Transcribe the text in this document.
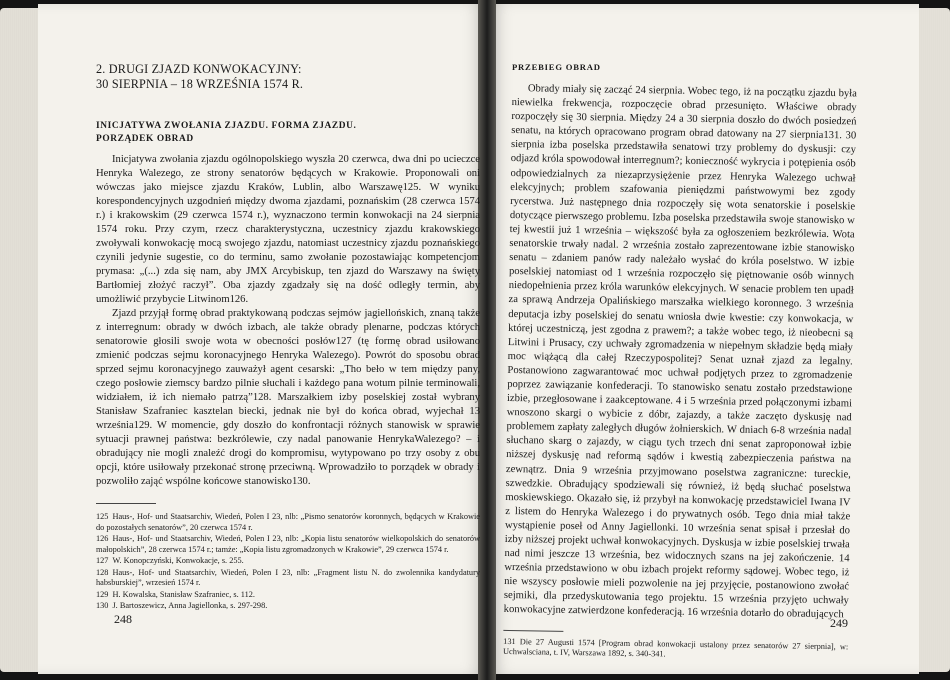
2. DRUGI ZJAZD KONWOKACYJNY:
30 SIERPNIA – 18 WRZEŚNIA 1574 R.
INICJATYWA ZWOŁANIA ZJAZDU. FORMA ZJAZDU. PORZĄDEK OBRAD

Inicjatywa zwołania zjazdu ogólnopolskiego wyszła 20 czerwca, dwa dni po ucieczce Henryka Walezego, ze strony senatorów będących w Krakowie. Proponowali oni wówczas jako miejsce zjazdu Kraków, Lublin, albo Warszawę125. W wyniku korespondencyjnych uzgodnień między dwoma zjazdami, poznańskim (28 czerwca 1574 r.) i krakowskim (29 czerwca 1574 r.), wyznaczono termin konwokacji na 24 sierpnia 1574 roku. Przy czym, rzecz charakterystyczna, uczestnicy zjazdu krakowskiego zwoływali konwokację mocą swojego zjazdu, natomiast uczestnicy zjazdu poznańskiego czynili jedynie sugestie, co do terminu, samo zwołanie pozostawiając kompetencjom prymasa: „(...) zda się nam, aby JMX Arcybiskup, ten zjazd do Warszawy na święty Bartłomiej złożyć raczył”. Oba zjazdy zgadzały się na dość odległy termin, aby umożliwić przybycie Litwinom126.

Zjazd przyjął formę obrad praktykowaną podczas sejmów jagiellońskich, znaną także z interregnum: obrady w dwóch izbach, ale także obrady plenarne, podczas których senatorowie głosili swoje wota w obecności posłów127 (tę formę obrad usiłowano zmienić podczas sejmu koronacyjnego Henryka Walezego). Powrót do sposobu obrad sprzed sejmu koronacyjnego zauważył agent cesarski: „Tho beło w tem między pany, czego posłowie ziemscy bardzo pilnie słuchali i każdego pana wotum pilnie terminowali, widziałem, iż ich niemało patrzą”128. Marszałkiem izby poselskiej został wybrany Stanisław Szafraniec kasztelan biecki, jednak nie był do końca obrad, wyjechał 13 września129. W momencie, gdy doszło do konfrontacji różnych stanowisk w sprawie sytuacji prawnej państwa: bezkrólewie, czy nadal panowanie HenrykaWalezego? – i obradujący nie mogli znaleźć drogi do kompromisu, wytypowano po trzy osoby z obu opcji, które usiłowały przekonać stronę przeciwną. Wprowadziło to porządek w obrady i pozwoliło zająć wspólne końcowe stanowisko130.

125 Haus-, Hof- und Staatsarchiv, Wiedeń, Polen I 23, nlb: „Pismo senatorów koronnych, będących w Krakowie do pozostałych senatorów”, 20 czerwca 1574 r.
126 Haus-, Hof- und Staatsarchiv, Wiedeń, Polen I 23, nlb: „Kopia listu senatorów wielkopolskich do senatorów małopolskich”, 28 czerwca 1574 r.; tamże: „Kopia listu zgromadzonych w Krakowie”, 29 czerwca 1574 r.
127 W. Konopczyński, Konwokacje, s. 255.
128 Haus-, Hof- und Staatsarchiv, Wiedeń, Polen I 23, nlb: „Fragment listu N. do zwolennika kandydatury habsburskiej”, wrzesień 1574 r.
129 H. Kowalska, Stanisław Szafraniec, s. 112.
130 J. Bartoszewicz, Anna Jagiellonka, s. 297-298.
248
PRZEBIEG OBRAD

Obrady miały się zacząć 24 sierpnia. Wobec tego, iż na początku zjazdu była niewielka frekwencja, rozpoczęcie obrad przesunięto. Właściwe obrady rozpoczęły się 30 sierpnia. Między 24 a 30 sierpnia doszło do dwóch posiedzeń senatu, na których opracowano program obrad datowany na 27 sierpnia131. 30 sierpnia izba poselska przedstawiła senatowi trzy problemy do dyskusji: czy odjazd króla spowodował interregnum?; konieczność wykrycia i potępienia osób odpowiedzialnych za niezaprzysiężenie przez Henryka Walezego uchwał elekcyjnych; problem szafowania pieniędzmi państwowymi bez zgody rycerstwa. Już następnego dnia rozpoczęły się wota senatorskie i poselskie dotyczące pierwszego problemu. Izba poselska przedstawiła swoje stanowisko w tej kwestii już 1 września – większość była za ogłoszeniem bezkrólewia. Wota senatorskie trwały nadal. 2 września zostało zaprezentowane izbie stanowisko senatu – zdaniem panów rady należało wysłać do króla poselstwo. W izbie poselskiej natomiast od 1 września rozpoczęło się piętnowanie osób winnych niedopełnienia przez króla warunków elekcyjnych. W senacie problem ten upadł za sprawą Andrzeja Opalińskiego marszałka wielkiego koronnego. 3 września deputacja izby poselskiej do senatu wniosła dwie kwestie: czy konwokacja, w której uczestniczą, jest zgodna z prawem?; a także wobec tego, iż nieobecni są Litwini i Prusacy, czy uchwały zgromadzenia w niepełnym składzie będą miały moc wiążącą dla całej Rzeczypospolitej? Senat uznał zjazd za legalny. Postanowiono zagwarantować moc uchwał podjętych przez to zgromadzenie poprzez zawiązanie konfederacji. To stanowisko senatu zostało przedstawione izbie, przegłosowane i zaakceptowane. 4 i 5 września przed połączonymi izbami wnoszono skargi o wybicie z dóbr, zajazdy, a także zaczęto dyskusję nad problemem zapłaty zaległych długów żołnierskich. W dniach 6-8 września nadal słuchano skarg o zajazdy, w ciągu tych trzech dni senat zaproponował izbie niższej dyskusję nad reformą sądów i kwestią zabezpieczenia państwa na zewnątrz. Dnia 9 września przyjmowano poselstwa zagraniczne: tureckie, szwedzkie. Obradujący spodziewali się również, iż będą słuchać poselstwa moskiewskiego. Okazało się, iż przybył na konwokację przedstawiciel Iwana IV z listem do Henryka Walezego i do prywatnych osób. Tego dnia miał także wystąpienie poseł od Anny Jagiellonki. 10 września senat spisał i przesłał do izby niższej projekt uchwał konwokacyjnych. Dyskusja w izbie poselskiej trwała nad nimi jeszcze 13 września, bez widocznych szans na jej zakończenie. 14 września przedstawiono w obu izbach projekt reformy sądowej. Wobec tego, iż nie wszyscy posłowie mieli pozwolenie na jej przyjęcie, postanowiono zwołać sejmiki, dla przedyskutowania tego projektu. 15 września przyjęto uchwały konwokacyjne zatwierdzone konfederacją. 16 września dotarło do obradujących

131 Die 27 Augusti 1574 [Program obrad konwokacji ustalony przez senatorów 27 sierpnia], w: Uchwalsciana, t. IV, Warszawa 1892, s. 340-341.
249
